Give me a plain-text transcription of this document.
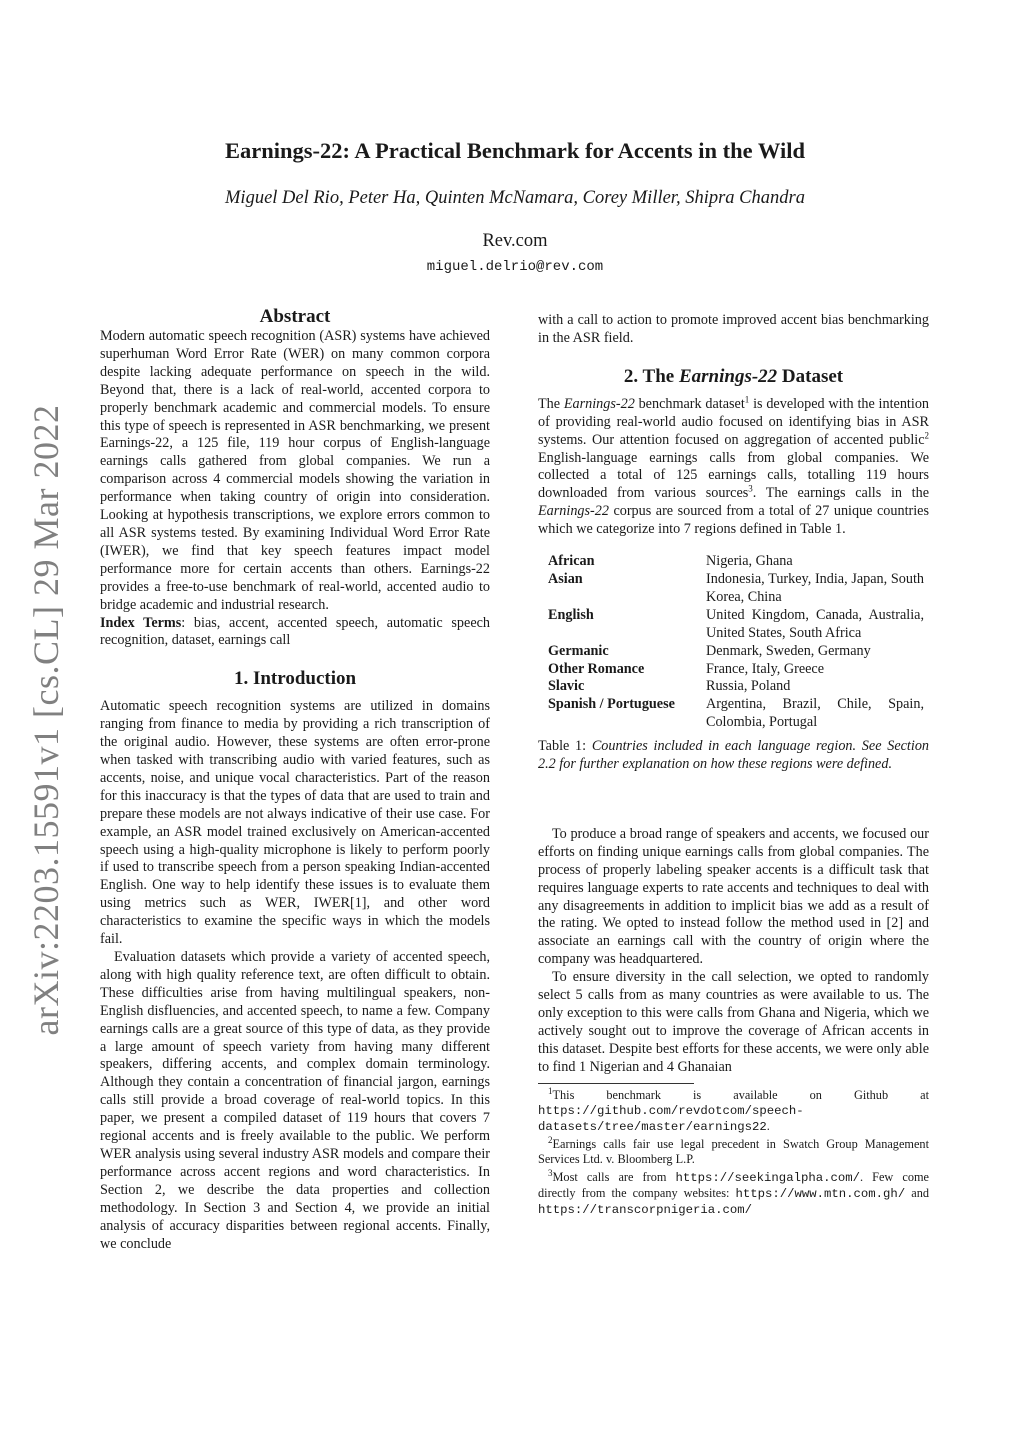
arXiv:2203.15591v1 [cs.CL] 29 Mar 2022
Earnings-22: A Practical Benchmark for Accents in the Wild
Miguel Del Rio, Peter Ha, Quinten McNamara, Corey Miller, Shipra Chandra
Rev.com
miguel.delrio@rev.com
Abstract

Modern automatic speech recognition (ASR) systems have achieved superhuman Word Error Rate (WER) on many common corpora despite lacking adequate performance on speech in the wild. Beyond that, there is a lack of real-world, accented corpora to properly benchmark academic and commercial models. To ensure this type of speech is represented in ASR benchmarking, we present Earnings-22, a 125 file, 119 hour corpus of English-language earnings calls gathered from global companies. We run a comparison across 4 commercial models showing the variation in performance when taking country of origin into consideration. Looking at hypothesis transcriptions, we explore errors common to all ASR systems tested. By examining Individual Word Error Rate (IWER), we find that key speech features impact model performance more for certain accents than others. Earnings-22 provides a free-to-use benchmark of real-world, accented audio to bridge academic and industrial research.

Index Terms: bias, accent, accented speech, automatic speech recognition, dataset, earnings call

1. Introduction

Automatic speech recognition systems are utilized in domains ranging from finance to media by providing a rich transcription of the original audio. However, these systems are often error-prone when tasked with transcribing audio with varied features, such as accents, noise, and unique vocal characteristics. Part of the reason for this inaccuracy is that the types of data that are used to train and prepare these models are not always indicative of their use case. For example, an ASR model trained exclusively on American-accented speech using a high-quality microphone is likely to perform poorly if used to transcribe speech from a person speaking Indian-accented English. One way to help identify these issues is to evaluate them using metrics such as WER, IWER[1], and other word characteristics to examine the specific ways in which the models fail.

Evaluation datasets which provide a variety of accented speech, along with high quality reference text, are often difficult to obtain. These difficulties arise from having multilingual speakers, non-English disfluencies, and accented speech, to name a few. Company earnings calls are a great source of this type of data, as they provide a large amount of speech variety from having many different speakers, differing accents, and complex domain terminology. Although they contain a concentration of financial jargon, earnings calls still provide a broad coverage of real-world topics. In this paper, we present a compiled dataset of 119 hours that covers 7 regional accents and is freely available to the public. We perform WER analysis using several industry ASR models and compare their performance across accent regions and word characteristics. In Section 2, we describe the data properties and collection methodology. In Section 3 and Section 4, we provide an initial analysis of accuracy disparities between regional accents. Finally, we conclude

with a call to action to promote improved accent bias benchmarking in the ASR field.

2. The Earnings-22 Dataset

The Earnings-22 benchmark dataset$^1$ is developed with the intention of providing real-world audio focused on identifying bias in ASR systems. Our attention focused on aggregation of accented public$^2$ English-language earnings calls from global companies. We collected a total of 125 earnings calls, totalling 119 hours downloaded from various sources$^3$. The earnings calls in the Earnings-22 corpus are sourced from a total of 27 unique countries which we categorize into 7 regions defined in Table 1.

African	Nigeria, Ghana
Asian	Indonesia, Turkey, India, Japan, South Korea, China
English	United Kingdom, Canada, Australia, United States, South Africa
Germanic	Denmark, Sweden, Germany
Other Romance	France, Italy, Greece
Slavic	Russia, Poland
Spanish / Portuguese	Argentina, Brazil, Chile, Spain, Colombia, Portugal

Table 1: Countries included in each language region. See Section 2.2 for further explanation on how these regions were defined.

To produce a broad range of speakers and accents, we focused our efforts on finding unique earnings calls from global companies. The process of properly labeling speaker accents is a difficult task that requires language experts to rate accents and techniques to deal with any disagreements in addition to implicit bias we add as a result of the rating. We opted to instead follow the method used in [2] and associate an earnings call with the country of origin where the company was headquartered.

To ensure diversity in the call selection, we opted to randomly select 5 calls from as many countries as were available to us. The only exception to this were calls from Ghana and Nigeria, which we actively sought out to improve the coverage of African accents in this dataset. Despite best efforts for these accents, we were only able to find 1 Nigerian and 4 Ghanaian

$^1$This benchmark is available on Github at https://github.com/revdotcom/speech-datasets/tree/master/earnings22.

$^2$Earnings calls fair use legal precedent in Swatch Group Management Services Ltd. v. Bloomberg L.P.

$^3$Most calls are from https://seekingalpha.com/. Few come directly from the company websites: https://www.mtn.com.gh/ and https://transcorpnigeria.com/
